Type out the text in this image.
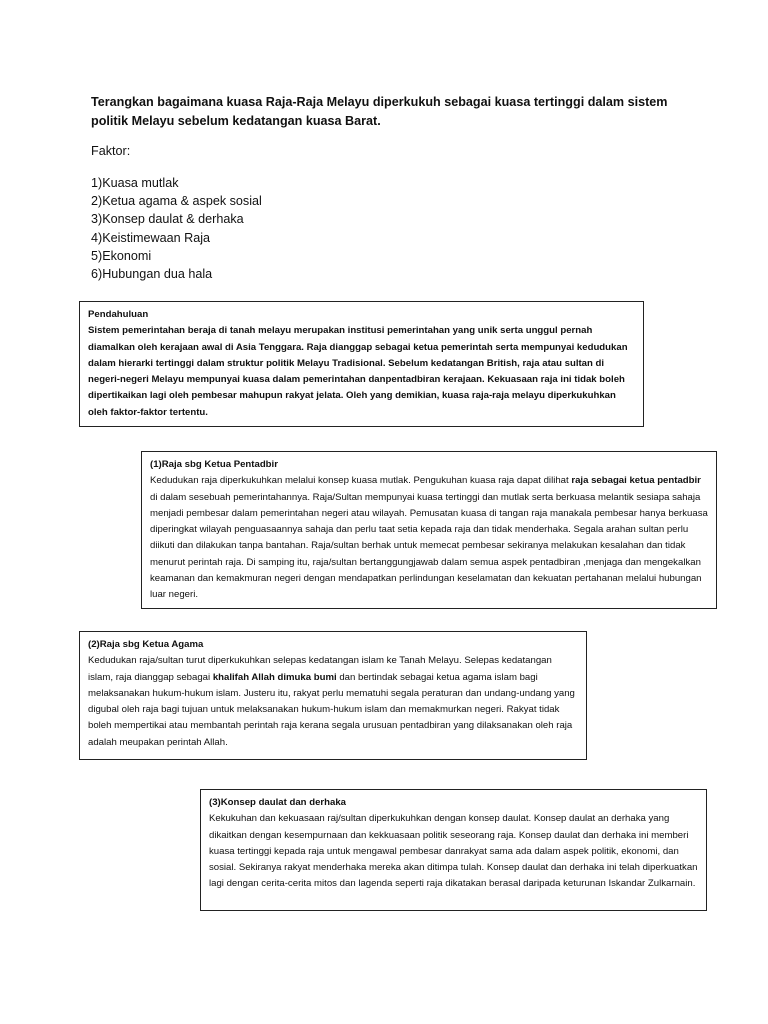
Terangkan bagaimana kuasa Raja-Raja Melayu diperkukuh sebagai kuasa tertinggi dalam sistem politik Melayu sebelum kedatangan kuasa Barat.
Faktor:
1)Kuasa mutlak
2)Ketua agama & aspek sosial
3)Konsep daulat & derhaka
4)Keistimewaan Raja
5)Ekonomi
6)Hubungan dua hala
Pendahuluan

Sistem pemerintahan beraja di tanah melayu merupakan institusi pemerintahan yang unik serta unggul pernah diamalkan oleh kerajaan awal di Asia Tenggara. Raja dianggap sebagai ketua pemerintah serta mempunyai kedudukan dalam hierarki tertinggi dalam struktur politik Melayu Tradisional. Sebelum kedatangan British, raja atau sultan di negeri-negeri Melayu mempunyai kuasa dalam pemerintahan danpentadbiran kerajaan. Kekuasaan raja ini tidak boleh dipertikaikan lagi oleh pembesar mahupun rakyat jelata. Oleh yang demikian, kuasa raja-raja melayu diperkukuhkan oleh faktor-faktor tertentu.

(1)Raja sbg Ketua Pentadbir

Kedudukan raja diperkukuhkan melalui konsep kuasa mutlak. Pengukuhan kuasa raja dapat dilihat raja sebagai ketua pentadbir di dalam sesebuah pemerintahannya. Raja/Sultan mempunyai kuasa tertinggi dan mutlak serta berkuasa melantik sesiapa sahaja menjadi pembesar dalam pemerintahan negeri atau wilayah. Pemusatan kuasa di tangan raja manakala pembesar hanya berkuasa diperingkat wilayah penguasaannya sahaja dan perlu taat setia kepada raja dan tidak menderhaka. Segala arahan sultan perlu diikuti dan dilakukan tanpa bantahan. Raja/sultan berhak untuk memecat pembesar sekiranya melakukan kesalahan dan tidak menurut perintah raja. Di samping itu, raja/sultan bertanggungjawab dalam semua aspek pentadbiran ,menjaga dan mengekalkan keamanan dan kemakmuran negeri dengan mendapatkan perlindungan keselamatan dan kekuatan pertahanan melalui hubungan luar negeri.

(2)Raja sbg Ketua Agama

Kedudukan raja/sultan turut diperkukuhkan selepas kedatangan islam ke Tanah Melayu. Selepas kedatangan islam, raja dianggap sebagai khalifah Allah dimuka bumi dan bertindak sebagai ketua agama islam bagi melaksanakan hukum-hukum islam. Justeru itu, rakyat perlu mematuhi segala peraturan dan undang-undang yang digubal oleh raja bagi tujuan untuk melaksanakan hukum-hukum islam dan memakmurkan negeri. Rakyat tidak boleh mempertikai atau membantah perintah raja kerana segala urusuan pentadbiran yang dilaksanakan oleh raja adalah meupakan perintah Allah.

(3)Konsep daulat dan derhaka

Kekukuhan dan kekuasaan raj/sultan diperkukuhkan dengan konsep daulat. Konsep daulat an derhaka yang dikaitkan dengan kesempurnaan dan kekkuasaan politik seseorang raja. Konsep daulat dan derhaka ini memberi kuasa tertinggi kepada raja untuk mengawal pembesar danrakyat sama ada dalam aspek politik, ekonomi, dan sosial. Sekiranya rakyat menderhaka mereka akan ditimpa tulah. Konsep daulat dan derhaka ini telah diperkuatkan lagi dengan cerita-cerita mitos dan lagenda seperti raja dikatakan berasal daripada keturunan Iskandar Zulkarnain.
